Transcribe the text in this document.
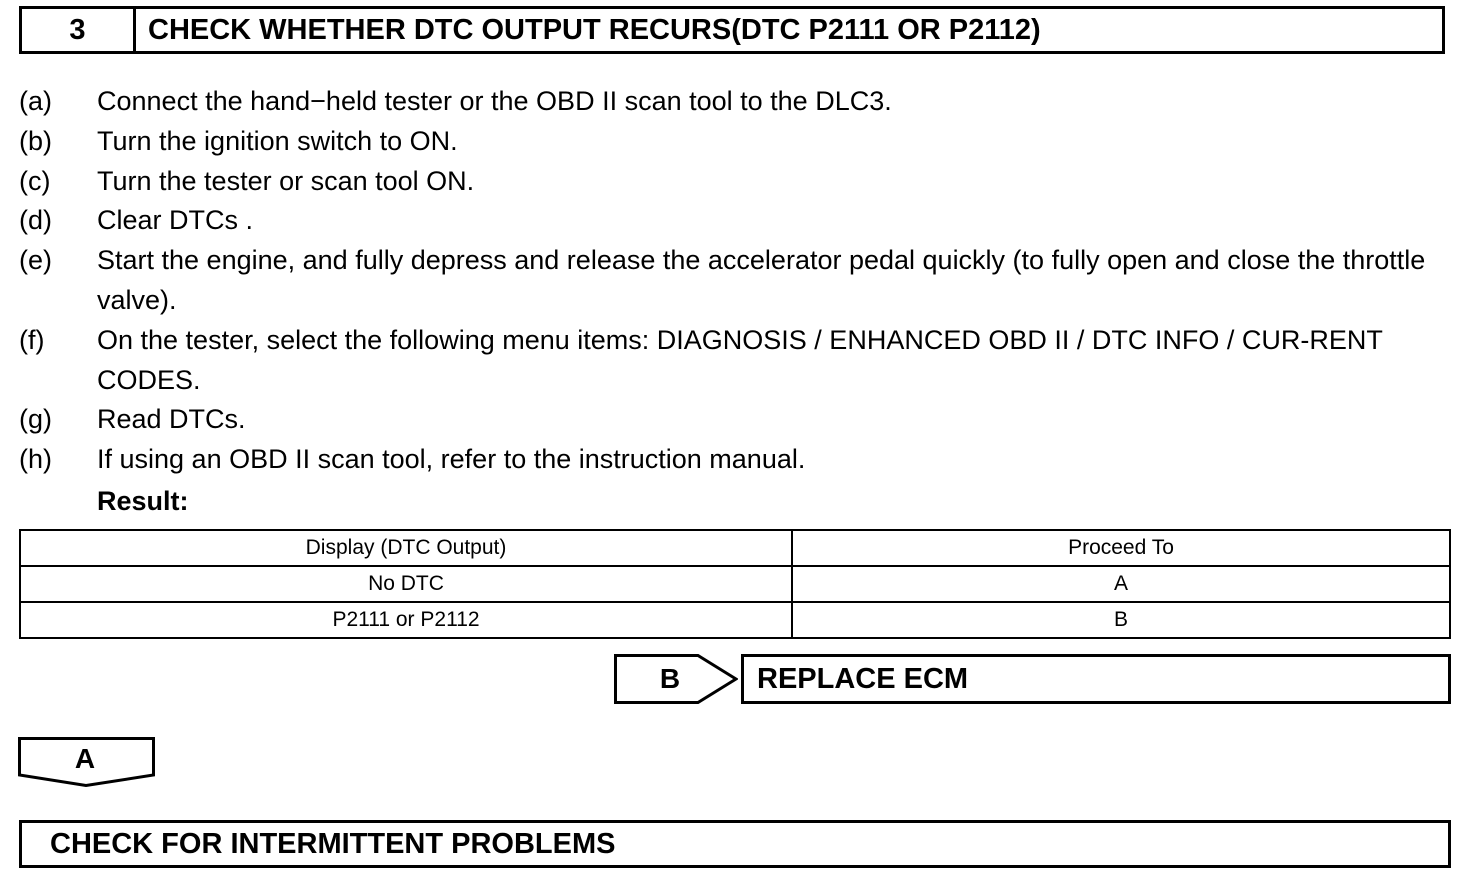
3	CHECK WHETHER DTC OUTPUT RECURS(DTC P2111 OR P2112)
(a)	Connect the hand−held tester or the OBD II scan tool to the DLC3.
(b)	Turn the ignition switch to ON.
(c)	Turn the tester or scan tool ON.
(d)	Clear DTCs .
(e)	Start the engine, and fully depress and release the accelerator pedal quickly (to fully open and close the throttle valve).
(f)	On the tester, select the following menu items: DIAGNOSIS / ENHANCED OBD II / DTC INFO / CUR-RENT CODES.
(g)	Read DTCs.
(h)	If using an OBD II scan tool, refer to the instruction manual.
Result:
Display (DTC Output)	Proceed To
No DTC	A
P2111 or P2112	B
B	REPLACE ECM
A
CHECK FOR INTERMITTENT PROBLEMS
